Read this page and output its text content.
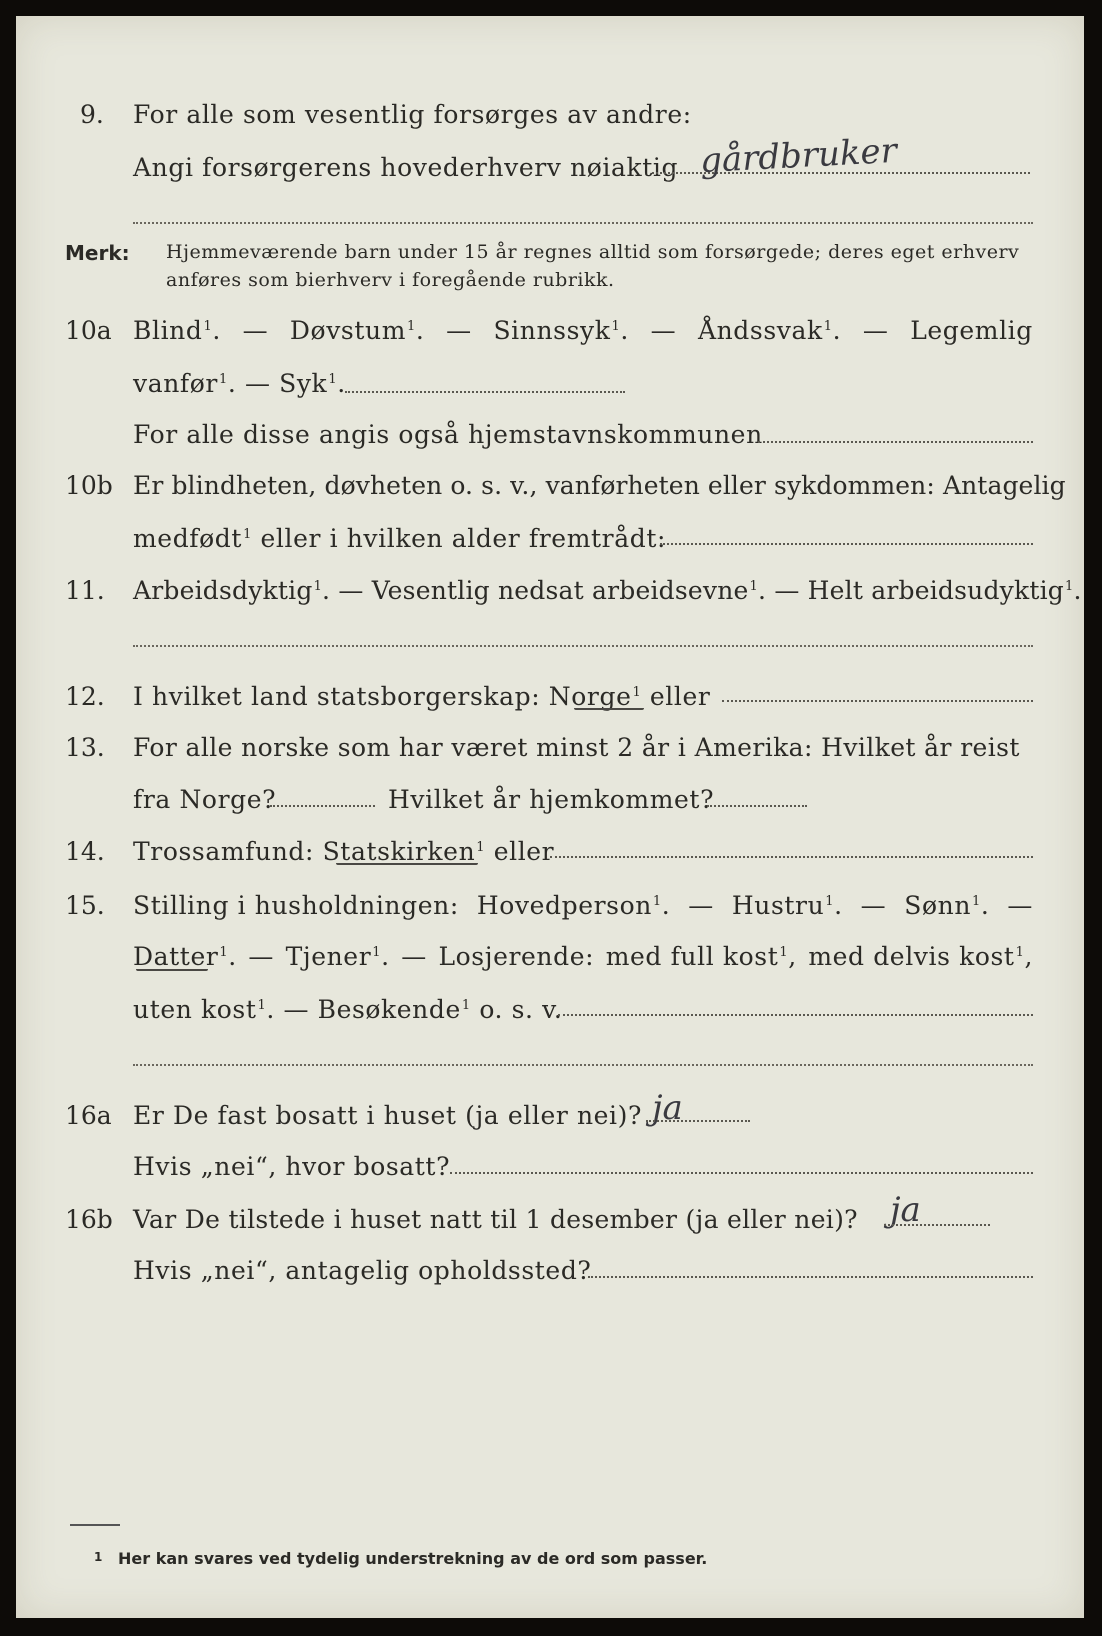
9. For alle som vesentlig forsørges av andre:
Angi forsørgerens hovederhverv nøiaktig gårdbruker
Merk: Hjemmeværende barn under 15 år regnes alltid som forsørgede; deres eget erhverv
anføres som bierhverv i foregående rubrikk.
10a Blind$^1$. — Døvstum$^1$. — Sinnssyk$^1$. — Åndssvak$^1$. — Legemlig
vanfør$^1$. — Syk$^1$.
For alle disse angis også hjemstavnskommunen
10b Er blindheten, døvheten o. s. v., vanførheten eller sykdommen: Antagelig
medfødt$^1$ eller i hvilken alder fremtrådt:
11. Arbeidsdyktig$^1$. — Vesentlig nedsat arbeidsevne$^1$. — Helt arbeidsudyktig$^1$.
12. I hvilket land statsborgerskap: Norge$^1$ eller
13. For alle norske som har været minst 2 år i Amerika: Hvilket år reist
fra Norge?	Hvilket år hjemkommet?
14. Trossamfund: Statskirken$^1$ eller
15. Stilling i husholdningen: Hovedperson$^1$. — Hustru$^1$. — Sønn$^1$. —
Datter$^1$. — Tjener$^1$. — Losjerende: med full kost$^1$, med delvis kost$^1$,
uten kost$^1$. — Besøkende$^1$ o. s. v.
16a Er De fast bosatt i huset (ja eller nei)? ja
Hvis „nei“, hvor bosatt?
16b Var De tilstede i huset natt til 1 desember (ja eller nei)? ja
Hvis „nei“, antagelig opholdssted?
1 Her kan svares ved tydelig understrekning av de ord som passer.
